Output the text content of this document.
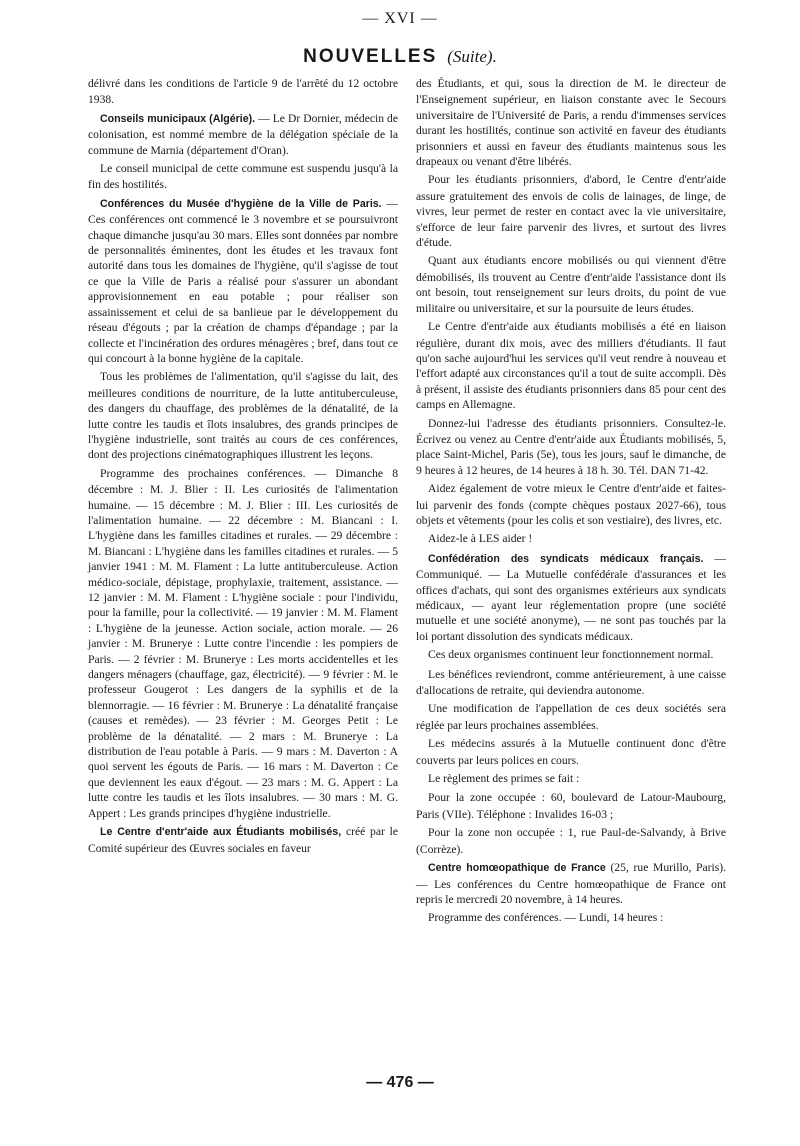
— XVI —
NOUVELLES (Suite).

délivré dans les conditions de l'article 9 de l'arrêté du 12 octobre 1938.

Conseils municipaux (Algérie). — Le Dr Dornier, médecin de colonisation, est nommé membre de la délégation spéciale de la commune de Marnia (département d'Oran).

Le conseil municipal de cette commune est suspendu jusqu'à la fin des hostilités.

Conférences du Musée d'hygiène de la Ville de Paris. — Ces conférences ont commencé le 3 novembre et se poursuivront chaque dimanche jusqu'au 30 mars. Elles sont données par nombre de personnalités éminentes, dont les études et les travaux font autorité dans tous les domaines de l'hygiène, qu'il s'agisse de tout ce que la Ville de Paris a réalisé pour s'assurer un abondant approvisionnement en eau potable ; pour réaliser son assainissement et celui de sa banlieue par le développement du réseau d'égouts ; par la création de champs d'épandage ; par la collecte et l'incinération des ordures ménagères ; bref, dans tout ce qui concourt à la bonne hygiène de la capitale.

Tous les problèmes de l'alimentation, qu'il s'agisse du lait, des meilleures conditions de nourriture, de la lutte antituberculeuse, des dangers du chauffage, des problèmes de la dénatalité, de la lutte contre les taudis et îlots insalubres, des grands principes de l'hygiène industrielle, sont traités au cours de ces conférences, dont des projections cinématographiques illustrent les leçons.

Programme des prochaines conférences. — Dimanche 8 décembre : M. J. Blier : II. Les curiosités de l'alimentation humaine. — 15 décembre : M. J. Blier : III. Les curiosités de l'alimentation humaine. — 22 décembre : M. Biancani : I. L'hygiène dans les familles citadines et rurales. — 29 décembre : M. Biancani : L'hygiène dans les familles citadines et rurales. — 5 janvier 1941 : M. M. Flament : La lutte antituberculeuse. Action médico-sociale, dépistage, prophylaxie, traitement, assistance. — 12 janvier : M. M. Flament : L'hygiène sociale : pour l'individu, pour la famille, pour la collectivité. — 19 janvier : M. M. Flament : L'hygiène de la jeunesse. Action sociale, action morale. — 26 janvier : M. Brunerye : Lutte contre l'incendie : les pompiers de Paris. — 2 février : M. Brunerye : Les morts accidentelles et les dangers ménagers (chauffage, gaz, électricité). — 9 février : M. le professeur Gougerot : Les dangers de la syphilis et de la blennorragie. — 16 février : M. Brunerye : La dénatalité française (causes et remèdes). — 23 février : M. Georges Petit : Le problème de la dénatalité. — 2 mars : M. Brunerye : La distribution de l'eau potable à Paris. — 9 mars : M. Daverton : A quoi servent les égouts de Paris. — 16 mars : M. Daverton : Ce que deviennent les eaux d'égout. — 23 mars : M. G. Appert : La lutte contre les taudis et les îlots insalubres. — 30 mars : M. G. Appert : Les grands principes d'hygiène industrielle.

Le Centre d'entr'aide aux Étudiants mobilisés, créé par le Comité supérieur des Œuvres sociales en faveur

des Étudiants, et qui, sous la direction de M. le directeur de l'Enseignement supérieur, en liaison constante avec le Secours universitaire de l'Université de Paris, a rendu d'immenses services durant les hostilités, continue son activité en faveur des étudiants prisonniers et aussi en faveur des étudiants maintenus sous les drapeaux ou venant d'être libérés.

Pour les étudiants prisonniers, d'abord, le Centre d'entr'aide assure gratuitement des envois de colis de lainages, de linge, de vivres, leur permet de rester en contact avec la vie universitaire, s'efforce de leur faire parvenir des livres, et surtout des livres d'étude.

Quant aux étudiants encore mobilisés ou qui viennent d'être démobilisés, ils trouvent au Centre d'entr'aide l'assistance dont ils ont besoin, tout renseignement sur leurs droits, du point de vue militaire ou universitaire, et sur la poursuite de leurs études.

Le Centre d'entr'aide aux étudiants mobilisés a été en liaison régulière, durant dix mois, avec des milliers d'étudiants. Il faut qu'on sache aujourd'hui les services qu'il veut rendre à nouveau et l'effort adapté aux circonstances qu'il a tout de suite accompli. Dès à présent, il assiste des étudiants prisonniers dans 85 pour cent des camps en Allemagne.

Donnez-lui l'adresse des étudiants prisonniers. Consultez-le. Écrivez ou venez au Centre d'entr'aide aux Étudiants mobilisés, 5, place Saint-Michel, Paris (5e), tous les jours, sauf le dimanche, de 9 heures à 12 heures, de 14 heures à 18 h. 30. Tél. DAN 71-42.

Aidez également de votre mieux le Centre d'entr'aide et faites-lui parvenir des fonds (compte chèques postaux 2027-66), tous objets et vêtements (pour les colis et son vestiaire), des livres, etc.

Aidez-le à LES aider !

Confédération des syndicats médicaux français. — Communiqué. — La Mutuelle confédérale d'assurances et les offices d'achats, qui sont des organismes extérieurs aux syndicats médicaux, — ayant leur réglementation propre (une société mutuelle et une société anonyme), — ne sont pas touchés par la loi portant dissolution des syndicats médicaux.

Ces deux organismes continuent leur fonctionnement normal.

Les bénéfices reviendront, comme antérieurement, à une caisse d'allocations de retraite, qui deviendra autonome.

Une modification de l'appellation de ces deux sociétés sera réglée par leurs prochaines assemblées.

Les médecins assurés à la Mutuelle continuent donc d'être couverts par leurs polices en cours.

Le règlement des primes se fait :

Pour la zone occupée : 60, boulevard de Latour-Maubourg, Paris (VIIe). Téléphone : Invalides 16-03 ;

Pour la zone non occupée : 1, rue Paul-de-Salvandy, à Brive (Corrèze).

Centre homœopathique de France (25, rue Murillo, Paris). — Les conférences du Centre homœopathique de France ont repris le mercredi 20 novembre, à 14 heures.

Programme des conférences. — Lundi, 14 heures :

— 476 —
